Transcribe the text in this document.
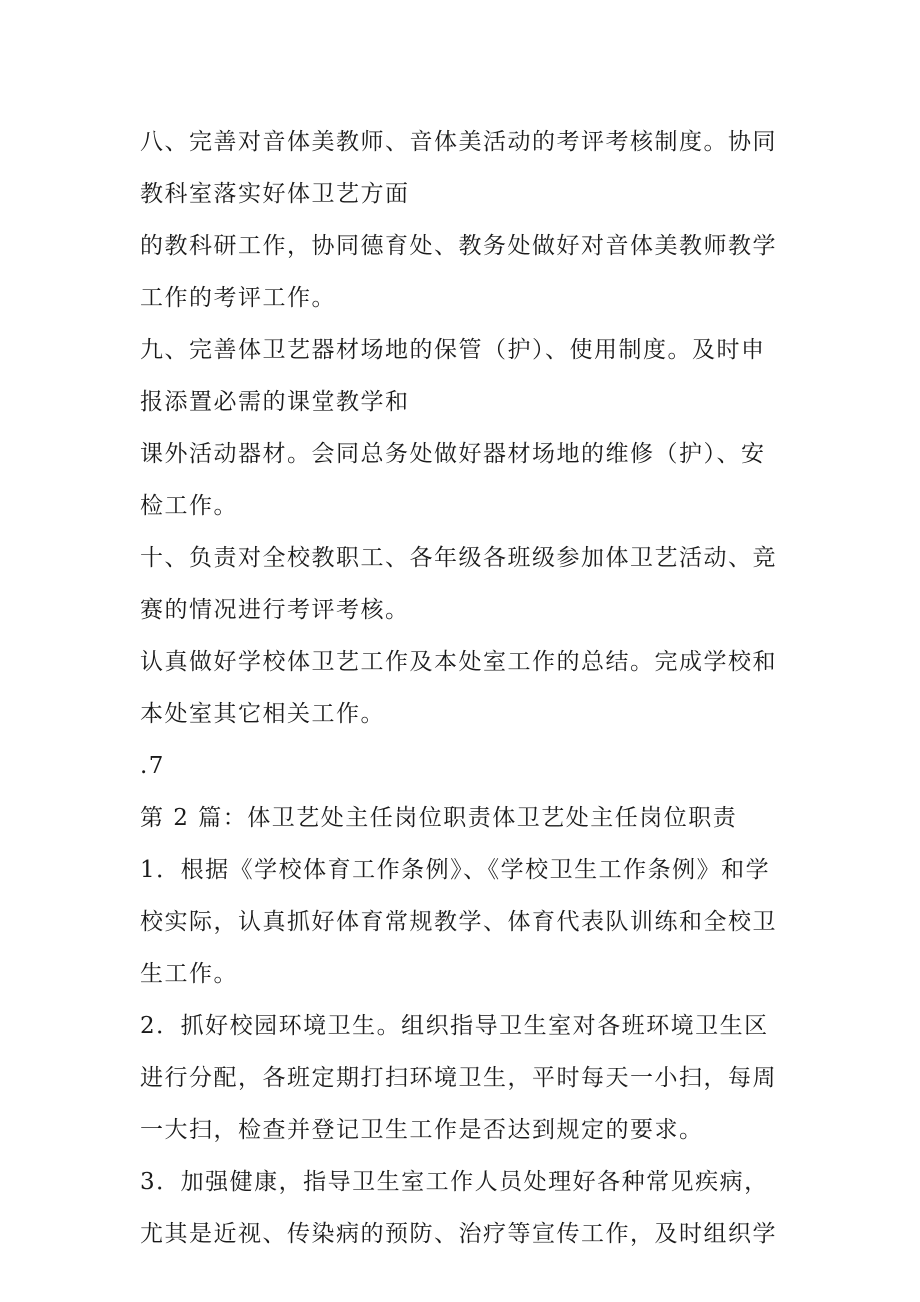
八、完善对音体美教师、音体美活动的考评考核制度。协同
教科室落实好体卫艺方面
的教科研工作，协同德育处、教务处做好对音体美教师教学
工作的考评工作。
九、完善体卫艺器材场地的保管（护）、使用制度。及时申
报添置必需的课堂教学和
课外活动器材。会同总务处做好器材场地的维修（护）、安
检工作。
十、负责对全校教职工、各年级各班级参加体卫艺活动、竞
赛的情况进行考评考核。
认真做好学校体卫艺工作及本处室工作的总结。完成学校和
本处室其它相关工作。
.7
第 2 篇：体卫艺处主任岗位职责体卫艺处主任岗位职责
1．根据《学校体育工作条例》、《学校卫生工作条例》和学
校实际，认真抓好体育常规教学、体育代表队训练和全校卫
生工作。
2．抓好校园环境卫生。组织指导卫生室对各班环境卫生区
进行分配，各班定期打扫环境卫生，平时每天一小扫，每周
一大扫，检查并登记卫生工作是否达到规定的要求。
3．加强健康，指导卫生室工作人员处理好各种常见疾病，
尤其是近视、传染病的预防、治疗等宣传工作，及时组织学
